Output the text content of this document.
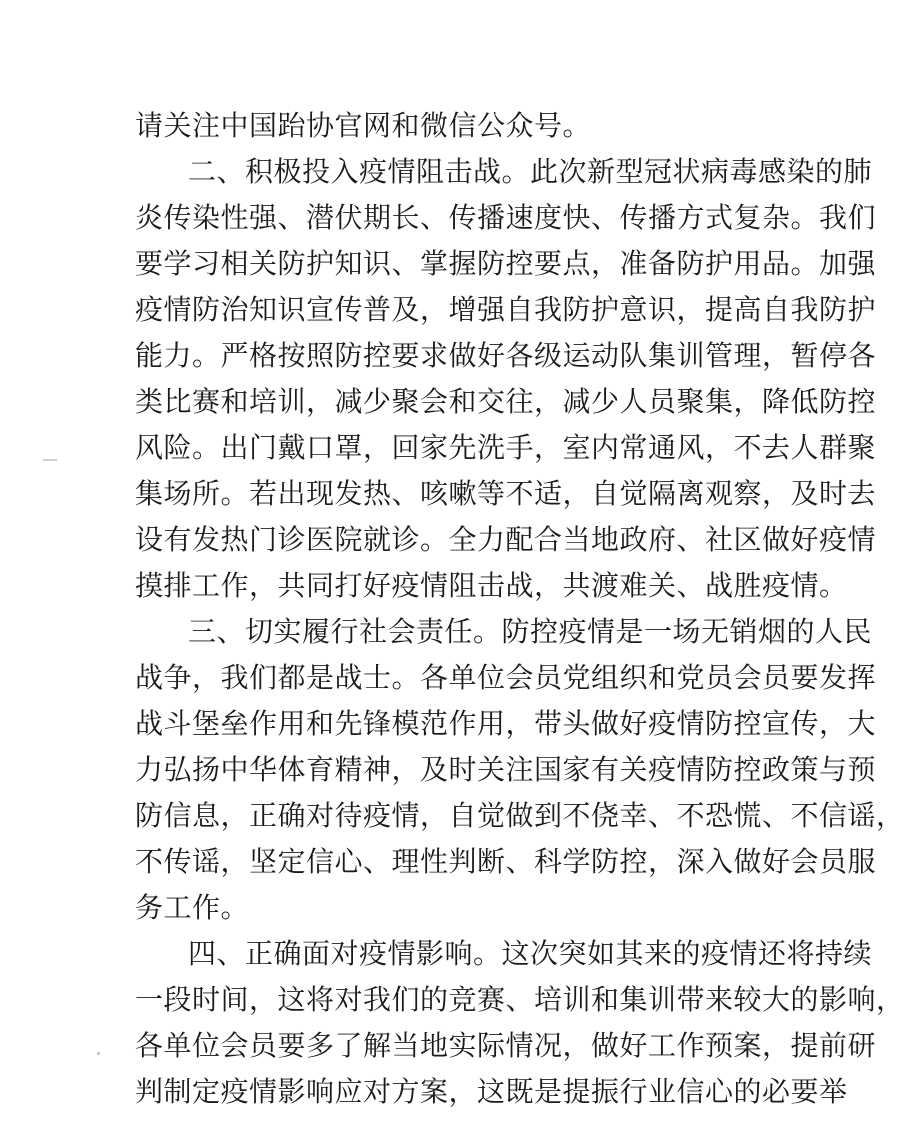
请关注中国跆协官网和微信公众号。
二、积极投入疫情阻击战。此次新型冠状病毒感染的肺
炎传染性强、潜伏期长、传播速度快、传播方式复杂。我们
要学习相关防护知识、掌握防控要点，准备防护用品。加强
疫情防治知识宣传普及，增强自我防护意识，提高自我防护
能力。严格按照防控要求做好各级运动队集训管理，暂停各
类比赛和培训，减少聚会和交往，减少人员聚集，降低防控
风险。出门戴口罩，回家先洗手，室内常通风，不去人群聚
集场所。若出现发热、咳嗽等不适，自觉隔离观察，及时去
设有发热门诊医院就诊。全力配合当地政府、社区做好疫情
摸排工作，共同打好疫情阻击战，共渡难关、战胜疫情。
三、切实履行社会责任。防控疫情是一场无销烟的人民
战争，我们都是战士。各单位会员党组织和党员会员要发挥
战斗堡垒作用和先锋模范作用，带头做好疫情防控宣传，大
力弘扬中华体育精神，及时关注国家有关疫情防控政策与预
防信息，正确对待疫情，自觉做到不侥幸、不恐慌、不信谣，
不传谣，坚定信心、理性判断、科学防控，深入做好会员服
务工作。
四、正确面对疫情影响。这次突如其来的疫情还将持续
一段时间，这将对我们的竞赛、培训和集训带来较大的影响，
各单位会员要多了解当地实际情况，做好工作预案，提前研
判制定疫情影响应对方案，这既是提振行业信心的必要举
